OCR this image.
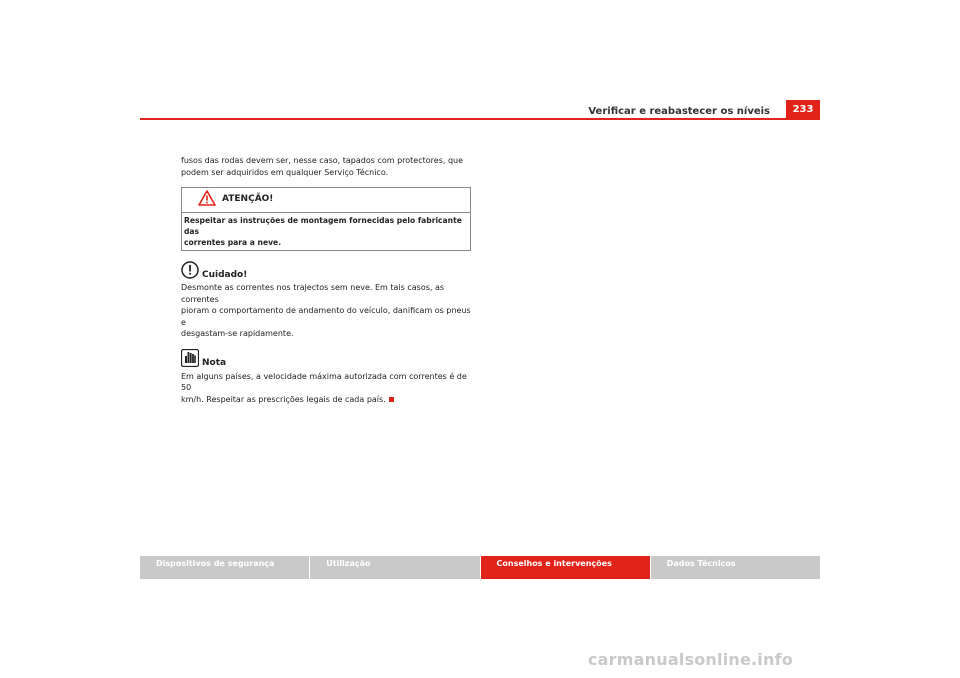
Verificar e reabastecer os níveis	233

fusos das rodas devem ser, nesse caso, tapados com protectores, que
podem ser adquiridos em qualquer Serviço Técnico.

ATENÇÃO!
Respeitar as instruções de montagem fornecidas pelo fabricante das
correntes para a neve.
Cuidado!

Desmonte as correntes nos trajectos sem neve. Em tais casos, as correntes
pioram o comportamento de andamento do veículo, danificam os pneus e
desgastam-se rapidamente.

Nota

Em alguns países, a velocidade máxima autorizada com correntes é de 50
km/h. Respeitar as prescrições legais de cada país.

Dispositivos de segurança	Utilização	Conselhos e intervenções	Dados Técnicos
carmanualsonline.info
